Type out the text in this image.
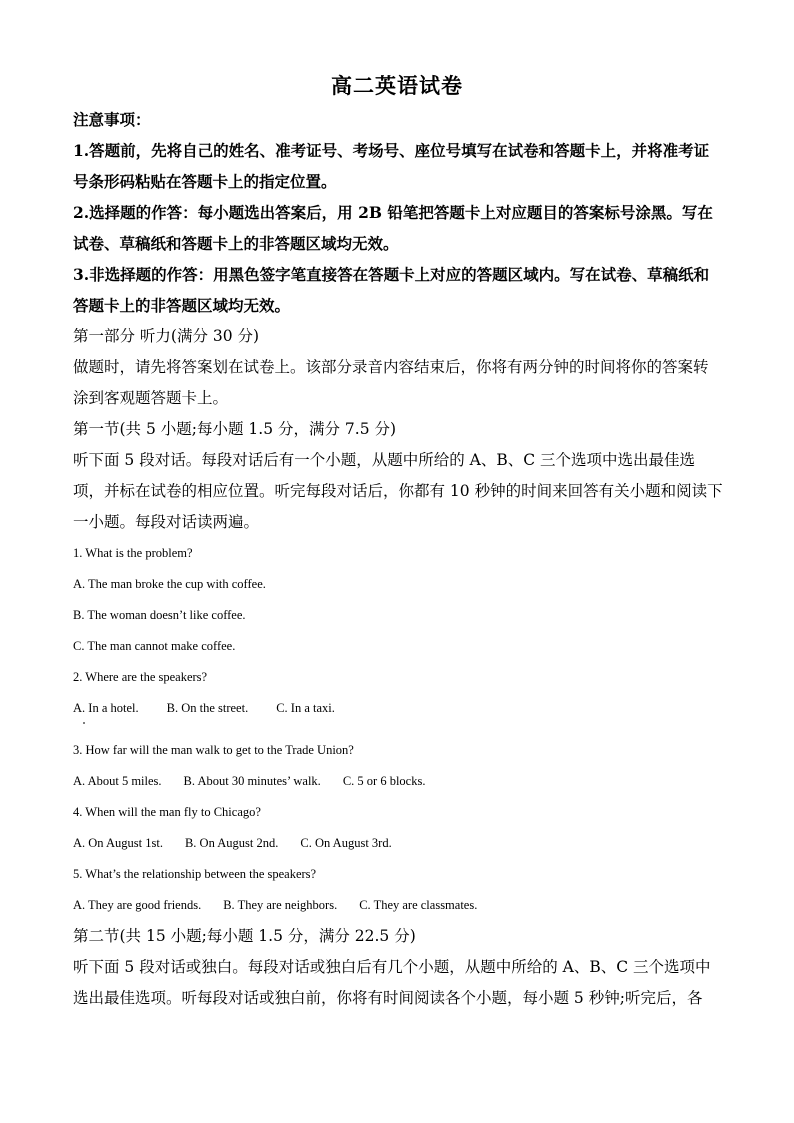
高二英语试卷

注意事项：

1.答题前，先将自己的姓名、准考证号、考场号、座位号填写在试卷和答题卡上，并将准考证号条形码粘贴在答题卡上的指定位置。

2.选择题的作答：每小题选出答案后，用 2B 铅笔把答题卡上对应题目的答案标号涂黑。写在试卷、草稿纸和答题卡上的非答题区域均无效。

3.非选择题的作答：用黑色签字笔直接答在答题卡上对应的答题区域内。写在试卷、草稿纸和答题卡上的非答题区域均无效。

第一部分 听力(满分 30 分)

做题时，请先将答案划在试卷上。该部分录音内容结束后，你将有两分钟的时间将你的答案转涂到客观题答题卡上。

第一节(共 5 小题;每小题 1.5 分，满分 7.5 分)

听下面 5 段对话。每段对话后有一个小题，从题中所给的 A、B、C 三个选项中选出最佳选项，并标在试卷的相应位置。听完每段对话后，你都有 10 秒钟的时间来回答有关小题和阅读下一小题。每段对话读两遍。

1. What is the problem?

A. The man broke the cup with coffee.

B. The woman doesn’t like coffee.

C. The man cannot make coffee.

2. Where are the speakers?

A. In a hotel. B. On the street. C. In a taxi.

3. How far will the man walk to get to the Trade Union?

A. About 5 miles. B. About 30 minutes’ walk. C. 5 or 6 blocks.

4. When will the man fly to Chicago?

A. On August 1st. B. On August 2nd. C. On August 3rd.

5. What’s the relationship between the speakers?

A. They are good friends. B. They are neighbors. C. They are classmates.

第二节(共 15 小题;每小题 1.5 分，满分 22.5 分)

听下面 5 段对话或独白。每段对话或独白后有几个小题，从题中所给的 A、B、C 三个选项中选出最佳选项。听每段对话或独白前，你将有时间阅读各个小题，每小题 5 秒钟;听完后，各
